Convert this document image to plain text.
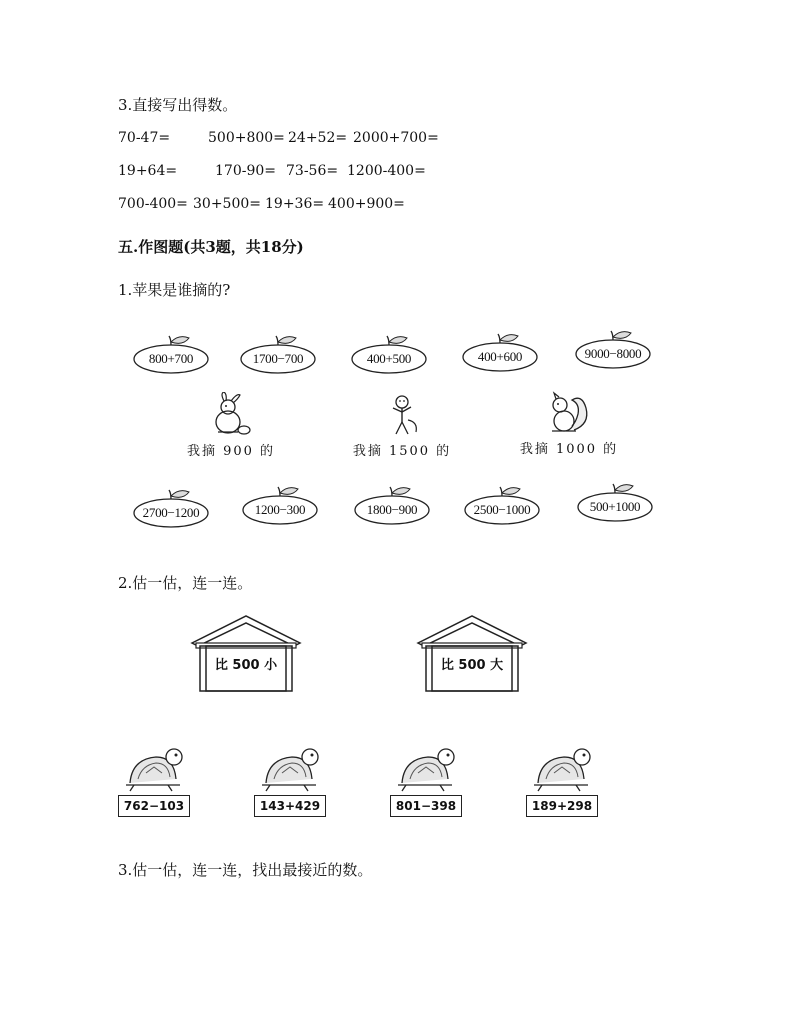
3.直接写出得数。
70-47=	500+800= 24+52= 2000+700=
19+64=	170-90= 73-56= 1200-400=
700-400= 30+500= 19+36= 400+900=
五.作图题(共3题，共18分)
1.苹果是谁摘的?
800+700	1700−700	400+500	400+600	9000−8000
我摘 900 的	我摘 1500 的	我摘 1000 的
2700−1200	1200−300	1800−900	2500−1000	500+1000
2.估一估，连一连。
比 500 小	比 500 大
762−103	143+429	801−398	189+298
3.估一估，连一连，找出最接近的数。
